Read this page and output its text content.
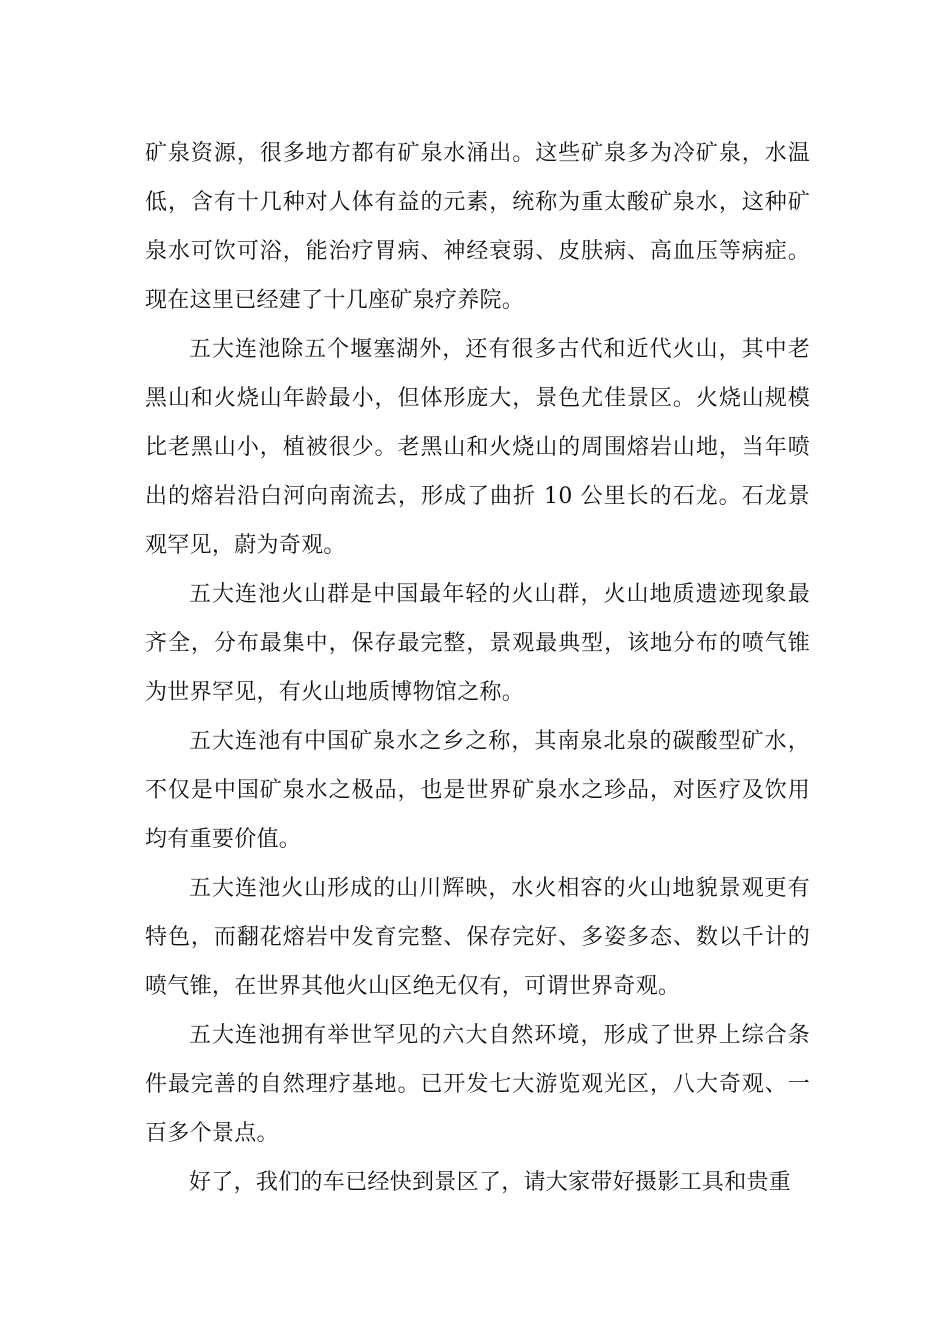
矿泉资源，很多地方都有矿泉水涌出。这些矿泉多为冷矿泉，水温低，含有十几种对人体有益的元素，统称为重太酸矿泉水，这种矿泉水可饮可浴，能治疗胃病、神经衰弱、皮肤病、高血压等病症。现在这里已经建了十几座矿泉疗养院。

五大连池除五个堰塞湖外，还有很多古代和近代火山，其中老黑山和火烧山年龄最小，但体形庞大，景色尤佳景区。火烧山规模比老黑山小，植被很少。老黑山和火烧山的周围熔岩山地，当年喷出的熔岩沿白河向南流去，形成了曲折 10 公里长的石龙。石龙景观罕见，蔚为奇观。

五大连池火山群是中国最年轻的火山群，火山地质遗迹现象最齐全，分布最集中，保存最完整，景观最典型，该地分布的喷气锥为世界罕见，有火山地质博物馆之称。

五大连池有中国矿泉水之乡之称，其南泉北泉的碳酸型矿水，不仅是中国矿泉水之极品，也是世界矿泉水之珍品，对医疗及饮用均有重要价值。

五大连池火山形成的山川辉映，水火相容的火山地貌景观更有特色，而翻花熔岩中发育完整、保存完好、多姿多态、数以千计的喷气锥，在世界其他火山区绝无仅有，可谓世界奇观。

五大连池拥有举世罕见的六大自然环境，形成了世界上综合条件最完善的自然理疗基地。已开发七大游览观光区，八大奇观、一百多个景点。

好了，我们的车已经快到景区了，请大家带好摄影工具和贵重
